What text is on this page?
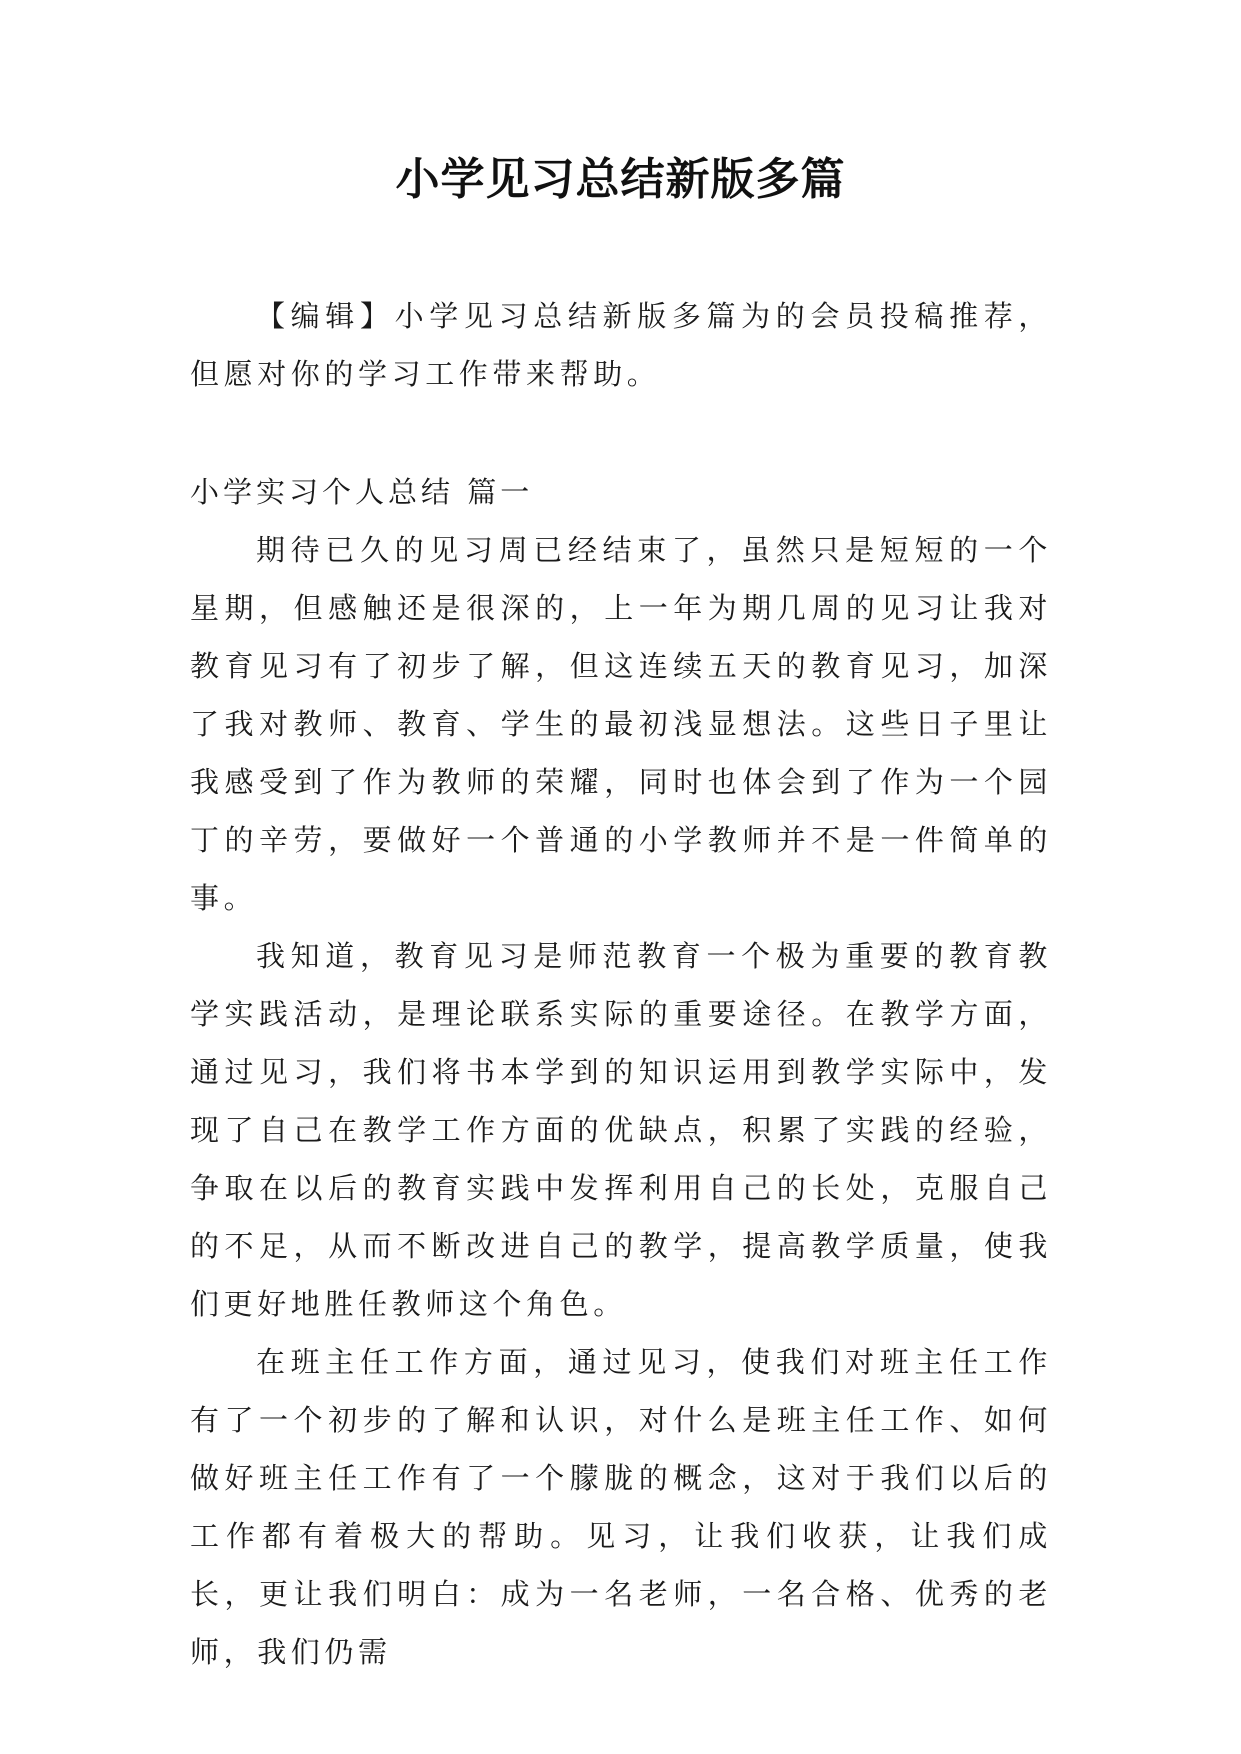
小学见习总结新版多篇

【编辑】小学见习总结新版多篇为的会员投稿推荐，但愿对你的学习工作带来帮助。

小学实习个人总结 篇一

期待已久的见习周已经结束了，虽然只是短短的一个星期，但感触还是很深的，上一年为期几周的见习让我对教育见习有了初步了解，但这连续五天的教育见习，加深了我对教师、教育、学生的最初浅显想法。这些日子里让我感受到了作为教师的荣耀，同时也体会到了作为一个园丁的辛劳，要做好一个普通的小学教师并不是一件简单的事。

我知道，教育见习是师范教育一个极为重要的教育教学实践活动，是理论联系实际的重要途径。在教学方面，通过见习，我们将书本学到的知识运用到教学实际中，发现了自己在教学工作方面的优缺点，积累了实践的经验，争取在以后的教育实践中发挥利用自己的长处，克服自己的不足，从而不断改进自己的教学，提高教学质量，使我们更好地胜任教师这个角色。

在班主任工作方面，通过见习，使我们对班主任工作有了一个初步的了解和认识，对什么是班主任工作、如何做好班主任工作有了一个朦胧的概念，这对于我们以后的工作都有着极大的帮助。见习，让我们收获，让我们成长，更让我们明白：成为一名老师，一名合格、优秀的老师，我们仍需
